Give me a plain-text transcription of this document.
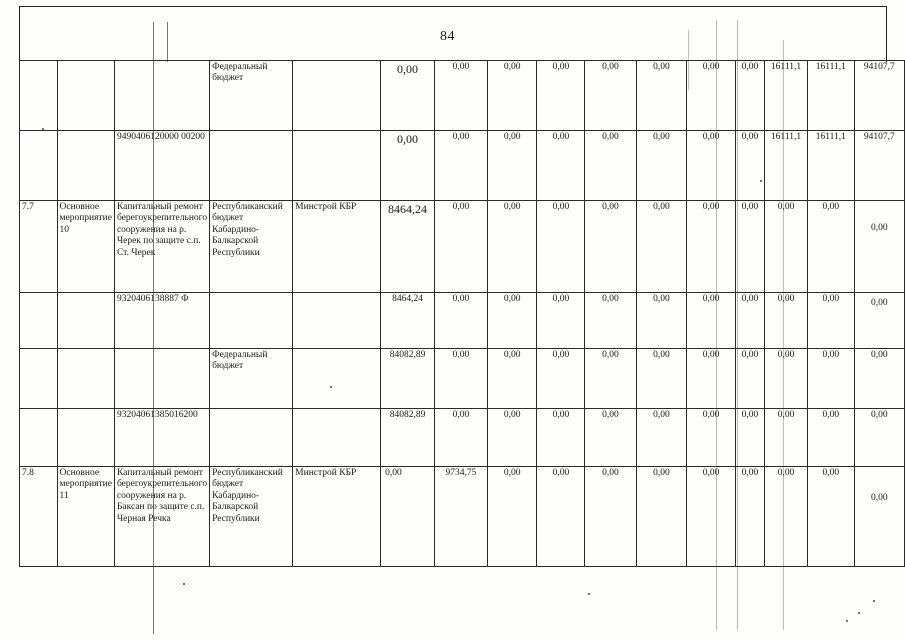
84
			Федеральный бюджет		0,00	0,00	0,00	0,00	0,00	0,00	0,00	0,00	16111,1	16111,1	94107,7
		9490406120000 00200			0,00	0,00	0,00	0,00	0,00	0,00	0,00	0,00	16111,1	16111,1	94107,7
7.7	Основное мероприятие 10	Капитальный ремонт берегоукрепительного сооружения на р. Черек по защите с.п. Ст. Черек	Республиканский бюджет Кабардино-Балкарской Республики	Минстрой КБР	8464,24	0,00	0,00	0,00	0,00	0,00	0,00	0,00	0,00	0,00	0,00
		9320406138887 Ф			8464,24	0,00	0,00	0,00	0,00	0,00	0,00	0,00	0,00	0,00	0,00
			Федеральный бюджет		84082,89	0,00	0,00	0,00	0,00	0,00	0,00	0,00	0,00	0,00	0,00
		93204061385016200			84082,89	0,00	0,00	0,00	0,00	0,00	0,00	0,00	0,00	0,00	0,00
7.8	Основное мероприятие 11	Капитальный ремонт берегоукрепительного сооружения на р. Баксан по защите с.п. Черная Речка	Республиканский бюджет Кабардино-Балкарской Республики	Минстрой КБР	0,00	9734,75	0,00	0,00	0,00	0,00	0,00	0,00	0,00	0,00	0,00
